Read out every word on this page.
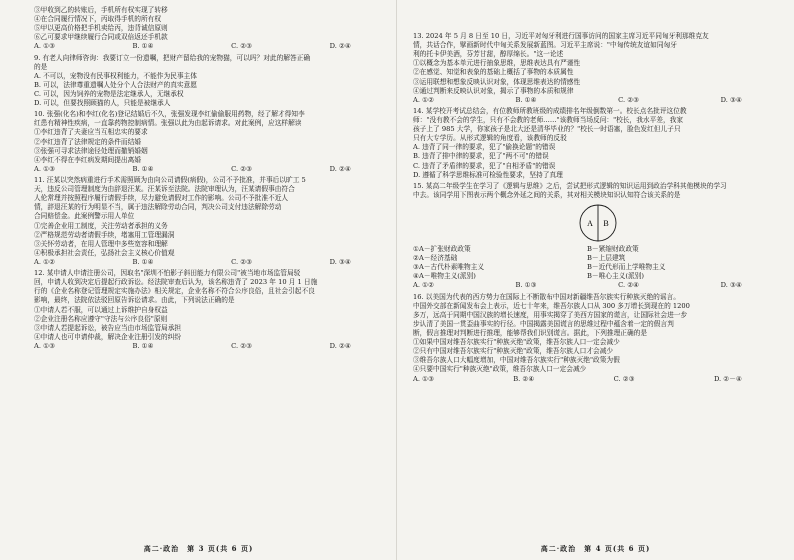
③甲收到乙的转账后，手机所有权实现了转移
④在合同履行情况下，丙取得手机的所有权
⑤甲以更高价格把手机卖给丙，违背诚信原则
⑥乙可要求甲继续履行合同或双倍返还手机款
A. ①③	B. ①④	C. ②③	D. ②④
9. 有老人向律师咨询：我要订立一份遗嘱，把财产留给我的宠物猫，可以吗？对此的解答正确
的是
A. 不可以，宠物没有民事权利能力，不能作为民事主体
B. 可以，法律尊重遗嘱人处分个人合法财产的真实意愿
C. 可以，因为饲养的宠物是法定继承人，无继承权
D. 可以，但要找照顾猫的人，只能是被继承人
10. 张强(化名)和李红(化名)登记结婚后不久，张强发现李红偷偷服用药物，经了解才得知李
红患有精神性疾病，一直靠药物控制病情。张强以此为由起诉请求。对此案例，应这样解读
①李红违背了夫妻应当互相忠实的要求
②李红违背了法律规定的条件而结婚
③张强可寻求法律途径处理而撤销婚姻
④李红不得在李红病发期间提出离婚
A. ①③	B. ①④	C. ②③	D. ②④
11. 汪某以突然病重进行手术需照顾为由向公司请假(病假)，公司不予批准，并事后以旷工 5
天，违反公司管理制度为由辞退汪某。汪某诉至法院。法院审理认为，汪某请假事由符合
人伦常理并按照程序履行请假手续，尽力避免请假对工作的影响。公司不予批准不近人
情，辞退汪某的行为明显不当，属于违法解除劳动合同，判决公司支付违法解除劳动
合同赔偿金。此案例警示用人单位
①完善企业用工制度，关注劳动者承担的义务
②严格规范劳动者请假手续，堵塞用工管理漏洞
③关怀劳动者，在用人管理中多些宽容和理解
④积极承担社会责任，弘扬社会主义核心价值观
A. ①②	B. ①④	C. ②③	D. ③④
12. 某申请人申请注册公司，因取名"深圳不怕影子斜田能力有限公司"被当地市场监管局驳
回，申请人收到决定后提起行政诉讼。经法院审查后认为，该名称违背了 2023 年 10 月 1 日施
行的《企业名称登记管理规定实施办法》相关规定，企业名称不符合公序良俗，且社会引起不良
影响，最终，法院依法驳回原告诉讼请求。由此，下列说法正确的是
①申请人若不服，可以通过上诉维护自身权益
②企业注册名称应遵守"守法与公序良俗"原则
③申请人若提起诉讼，被告应当由市场监管局承担
④申请人也可申请仲裁，解决企业注册引发的纠纷
A. ①③	B. ①④	C. ②③	D. ②④
高二·政治　第 3 页(共 6 页)
13. 2024 年 5 月 8 日至 10 日，习近平对匈牙利进行国事访问的国家主席习近平同匈牙利那维克友
情，共话合作，擘画新时代中匈关系发展新蓝图。习近平主席说："中匈传统友谊如同匈牙
利的托卡伊美酒，芬芳甘甜，醇厚绵长。"这一论述
①以概念为基本单元进行抽象思维，思维表达具有严谨性
②在感觉、知觉和表象的基础上概括了事物的本质属性
③运用联想和想象反映认识对象，体现思维表达的情感性
④通过判断来反映认识对象，揭示了事物的本质和规律
A. ①②	B. ①④	C. ②③	D. ③④
14. 某学校开考试总结会，有位教师所教班级的成绩排名年级倒数第一。校长点名批评这位教
师："没有教不会的学生，只有不会教的老师……"该教师当场反问："校长，我水平差，我家
孩子上了 985 大学，你家孩子是北大还是清华毕业的？"校长一时语塞，脸色发红但儿子只
只有大专学历。从形式逻辑的角度看，该教师的反驳
A. 违背了同一律的要求，犯了"偷换论题"的错误
B. 违背了排中律的要求，犯了"两不可"的错误
C. 违背了矛盾律的要求，犯了"自相矛盾"的错误
D. 遵循了科学思维标准可检验性要求，坚持了真理
15. 某高二年级学生在学习了《逻辑与思维》之后，尝试把形式逻辑的知识运用到政治学科其他模块的学习
中去。该同学用下图表示两个概念外延之间的关系，其对相关模块知识认知符合该关系的是
A B
①A－扩张财政政策	B－紧缩财政政策
②A－经济基础	B－上层建筑
③A－古代朴素唯物主义	B－近代形而上学唯物主义
④A－唯物主义(派别)	B－唯心主义(派别)
A. ①②	B. ①③	C. ②④	D. ③④
16. 以美国为代表的西方势力在国际上不断散布中国对新疆维吾尔族实行种族灭绝的谣言。
中国外交部在新闻发布会上表示，近七十年来，维吾尔族人口从 300 多万增长到现在的 1200
多万，远高于同期中国汉族的增长速度，用事实揭穿了美西方国家的谎言，让国际社会进一步
步认清了美国一贯歪曲事实的行径。中国揭露美国谎言的思维过程中蕴含着一定的假言判
断，假言推理对判断进行推理，能够帮我们识别谎言。据此，下列推理正确的是
①如果中国对维吾尔族实行"种族灭绝"政策，维吾尔族人口一定会减少
②只有中国对维吾尔族实行"种族灭绝"政策，维吾尔族人口才会减少
③维吾尔族人口大幅度增加，中国对维吾尔族实行"种族灭绝"政策为假
④只要中国实行"种族灭绝"政策，维吾尔族人口一定会减少
A. ①③	B. ②④	C. ②③	D. ②－④
高二·政治　第 4 页(共 6 页)
